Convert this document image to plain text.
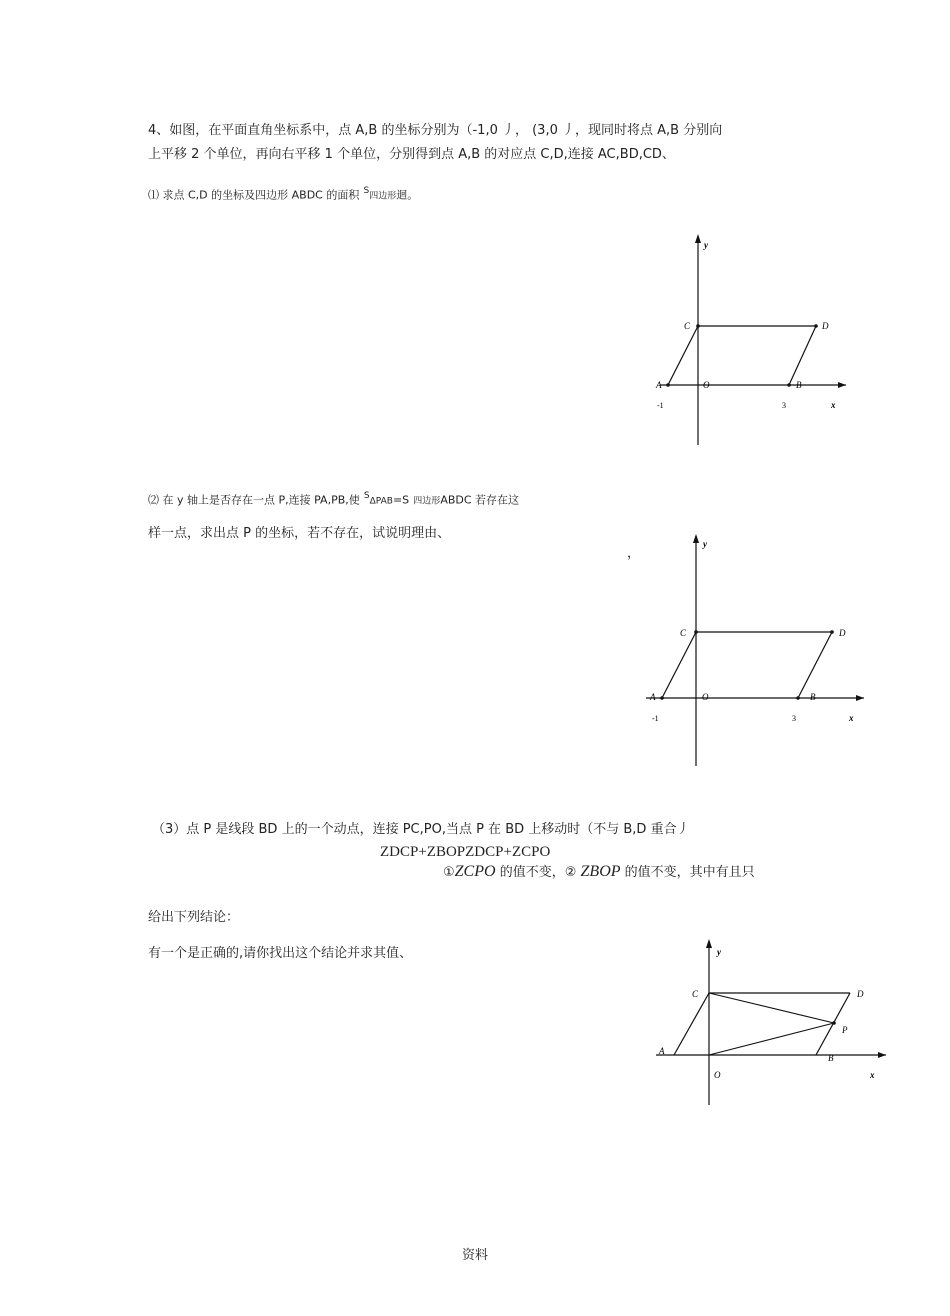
4、如图，在平面直角坐标系中，点 A,B 的坐标分别为（-1,0 丿， (3,0 丿，现同时将点 A,B 分别向
上平移 2 个单位，再向右平移 1 个单位，分别得到点 A,B 的对应点 C,D,连接 AC,BD,CD、
⑴ 求点 C,D 的坐标及四边形 ABDC 的面积 $^S$四边形迴。
y
C	D
A	O	B
-1	3	x
⑵ 在 y 轴上是否存在一点 P,连接 PA,PB,使 $^S$ΔPAB=S 四边形ABDC 若存在这
样一点，求出点 P 的坐标，若不存在，试说明理由、
，
y
C	D
A	O	B
-1	3	x
（3）点 P 是线段 BD 上的一个动点，连接 PC,PO,当点 P 在 BD 上移动时（不与 B,D 重合丿
ZDCP+ZBOPZDCP+ZCPO
①ZCPO 的值不变，② ZBOP 的值不变，其中有且只
给出下列结论：
有一个是正确的,请你找出这个结论并求其值、	y
C	D
P
A
B
O	x
资料
